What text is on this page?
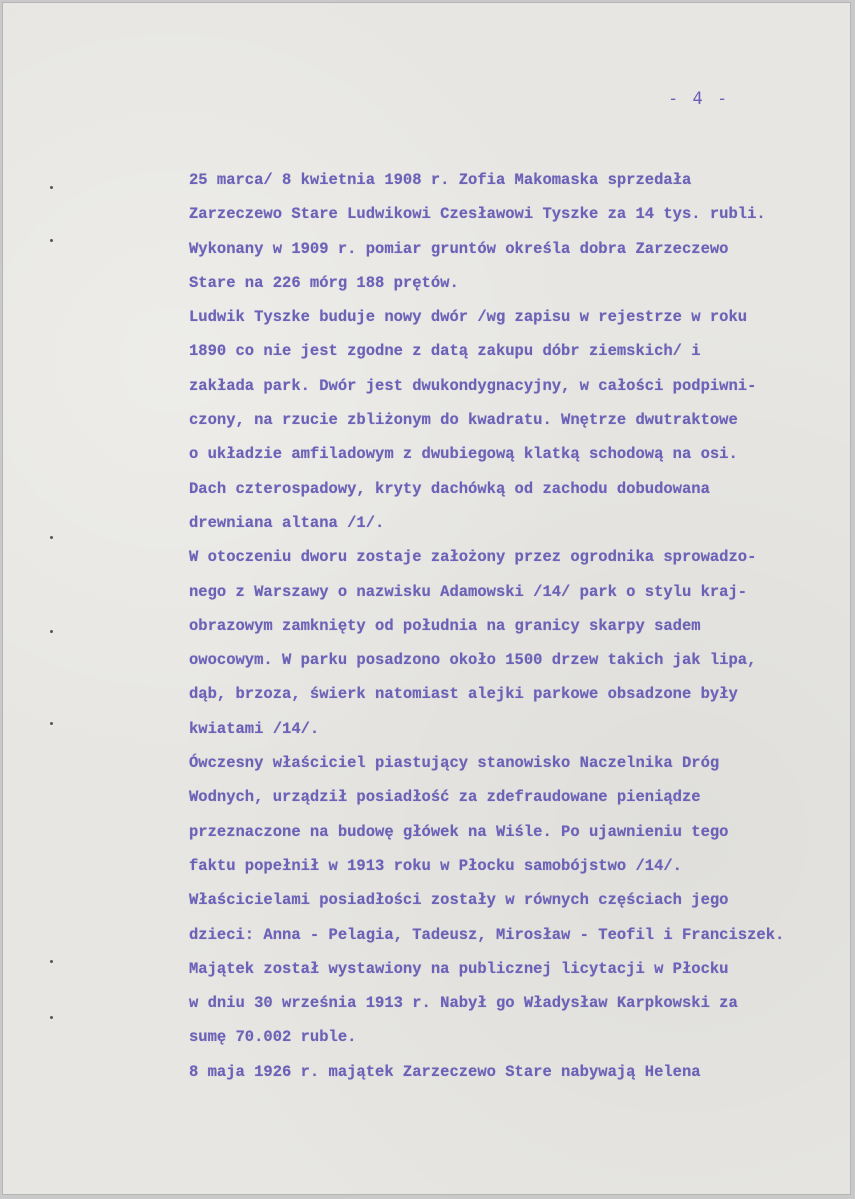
- 4 -
25 marca/ 8 kwietnia 1908 r. Zofia Makomaska sprzedała
Zarzeczewo Stare Ludwikowi Czesławowi Tyszke za 14 tys. rubli.
Wykonany w 1909 r. pomiar gruntów określa dobra Zarzeczewo
Stare na 226 mórg 188 prętów.
Ludwik Tyszke buduje nowy dwór /wg zapisu w rejestrze w roku
1890 co nie jest zgodne z datą zakupu dóbr ziemskich/ i
zakłada park. Dwór jest dwukondygnacyjny, w całości podpiwni-
czony, na rzucie zbliżonym do kwadratu. Wnętrze dwutraktowe
o układzie amfiladowym z dwubiegową klatką schodową na osi.
Dach czterospadowy, kryty dachówką od zachodu dobudowana
drewniana altana /1/.
W otoczeniu dworu zostaje założony przez ogrodnika sprowadzo-
nego z Warszawy o nazwisku Adamowski /14/ park o stylu kraj-
obrazowym zamknięty od południa na granicy skarpy sadem
owocowym. W parku posadzono około 1500 drzew takich jak lipa,
dąb, brzoza, świerk natomiast alejki parkowe obsadzone były
kwiatami /14/.
Ówczesny właściciel piastujący stanowisko Naczelnika Dróg
Wodnych, urządził posiadłość za zdefraudowane pieniądze
przeznaczone na budowę główek na Wiśle. Po ujawnieniu tego
faktu popełnił w 1913 roku w Płocku samobójstwo /14/.
Właścicielami posiadłości zostały w równych częściach jego
dzieci: Anna - Pelagia, Tadeusz, Mirosław - Teofil i Franciszek.
Majątek został wystawiony na publicznej licytacji w Płocku
w dniu 30 września 1913 r. Nabył go Władysław Karpkowski za
sumę 70.002 ruble.
8 maja 1926 r. majątek Zarzeczewo Stare nabywają Helena
